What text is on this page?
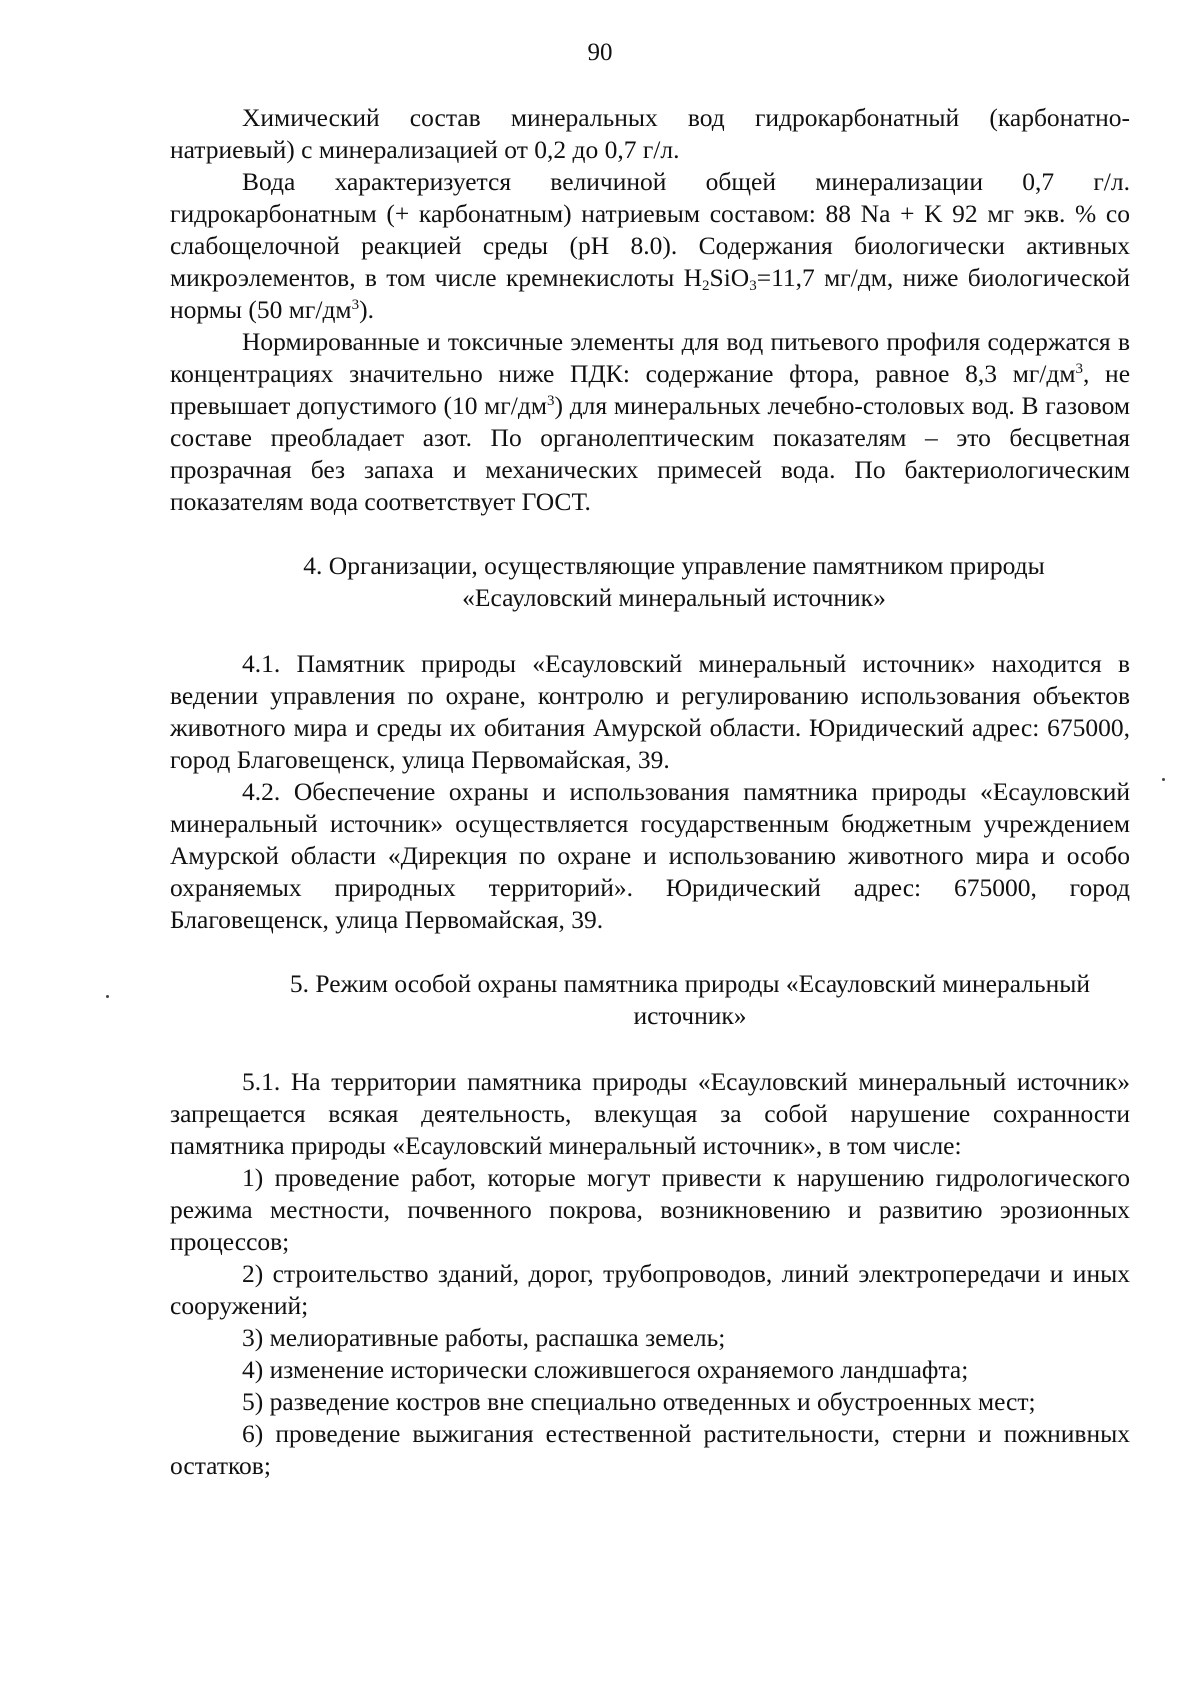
90

Химический состав минеральных вод гидрокарбонатный (карбонатно-натриевый) с минерализацией от 0,2 до 0,7 г/л.

Вода характеризуется величиной общей минерализации 0,7 г/л. гидрокарбонатным (+ карбонатным) натриевым составом: 88 Na + K 92 мг экв. % со слабощелочной реакцией среды (pH 8.0). Содержания биологически активных микроэлементов, в том числе кремнекислоты $H_2SiO_3=11,7$ мг/дм, ниже биологической нормы (50 $мг/дм^3$).

Нормированные и токсичные элементы для вод питьевого профиля содержатся в концентрациях значительно ниже ПДК: содержание фтора, равное 8,3 $мг/дм^3$, не превышает допустимого (10 $мг/дм^3$) для минеральных лечебно-столовых вод. В газовом составе преобладает азот. По органолептическим показателям – это бесцветная прозрачная без запаха и механических примесей вода. По бактериологическим показателям вода соответствует ГОСТ.

4. Организации, осуществляющие управление памятником природы
«Есауловский минеральный источник»

4.1. Памятник природы «Есауловский минеральный источник» находится в ведении управления по охране, контролю и регулированию использования объектов животного мира и среды их обитания Амурской области. Юридический адрес: 675000, город Благовещенск, улица Первомайская, 39.

4.2. Обеспечение охраны и использования памятника природы «Есауловский минеральный источник» осуществляется государственным бюджетным учреждением Амурской области «Дирекция по охране и использованию животного мира и особо охраняемых природных территорий». Юридический адрес: 675000, город Благовещенск, улица Первомайская, 39.

5. Режим особой охраны памятника природы «Есауловский минеральный
источник»

5.1. На территории памятника природы «Есауловский минеральный источник» запрещается всякая деятельность, влекущая за собой нарушение сохранности памятника природы «Есауловский минеральный источник», в том числе:

1) проведение работ, которые могут привести к нарушению гидрологического режима местности, почвенного покрова, возникновению и развитию эрозионных процессов;

2) строительство зданий, дорог, трубопроводов, линий электропередачи и иных сооружений;

3) мелиоративные работы, распашка земель;

4) изменение исторически сложившегося охраняемого ландшафта;

5) разведение костров вне специально отведенных и обустроенных мест;

6) проведение выжигания естественной растительности, стерни и пожнивных остатков;
